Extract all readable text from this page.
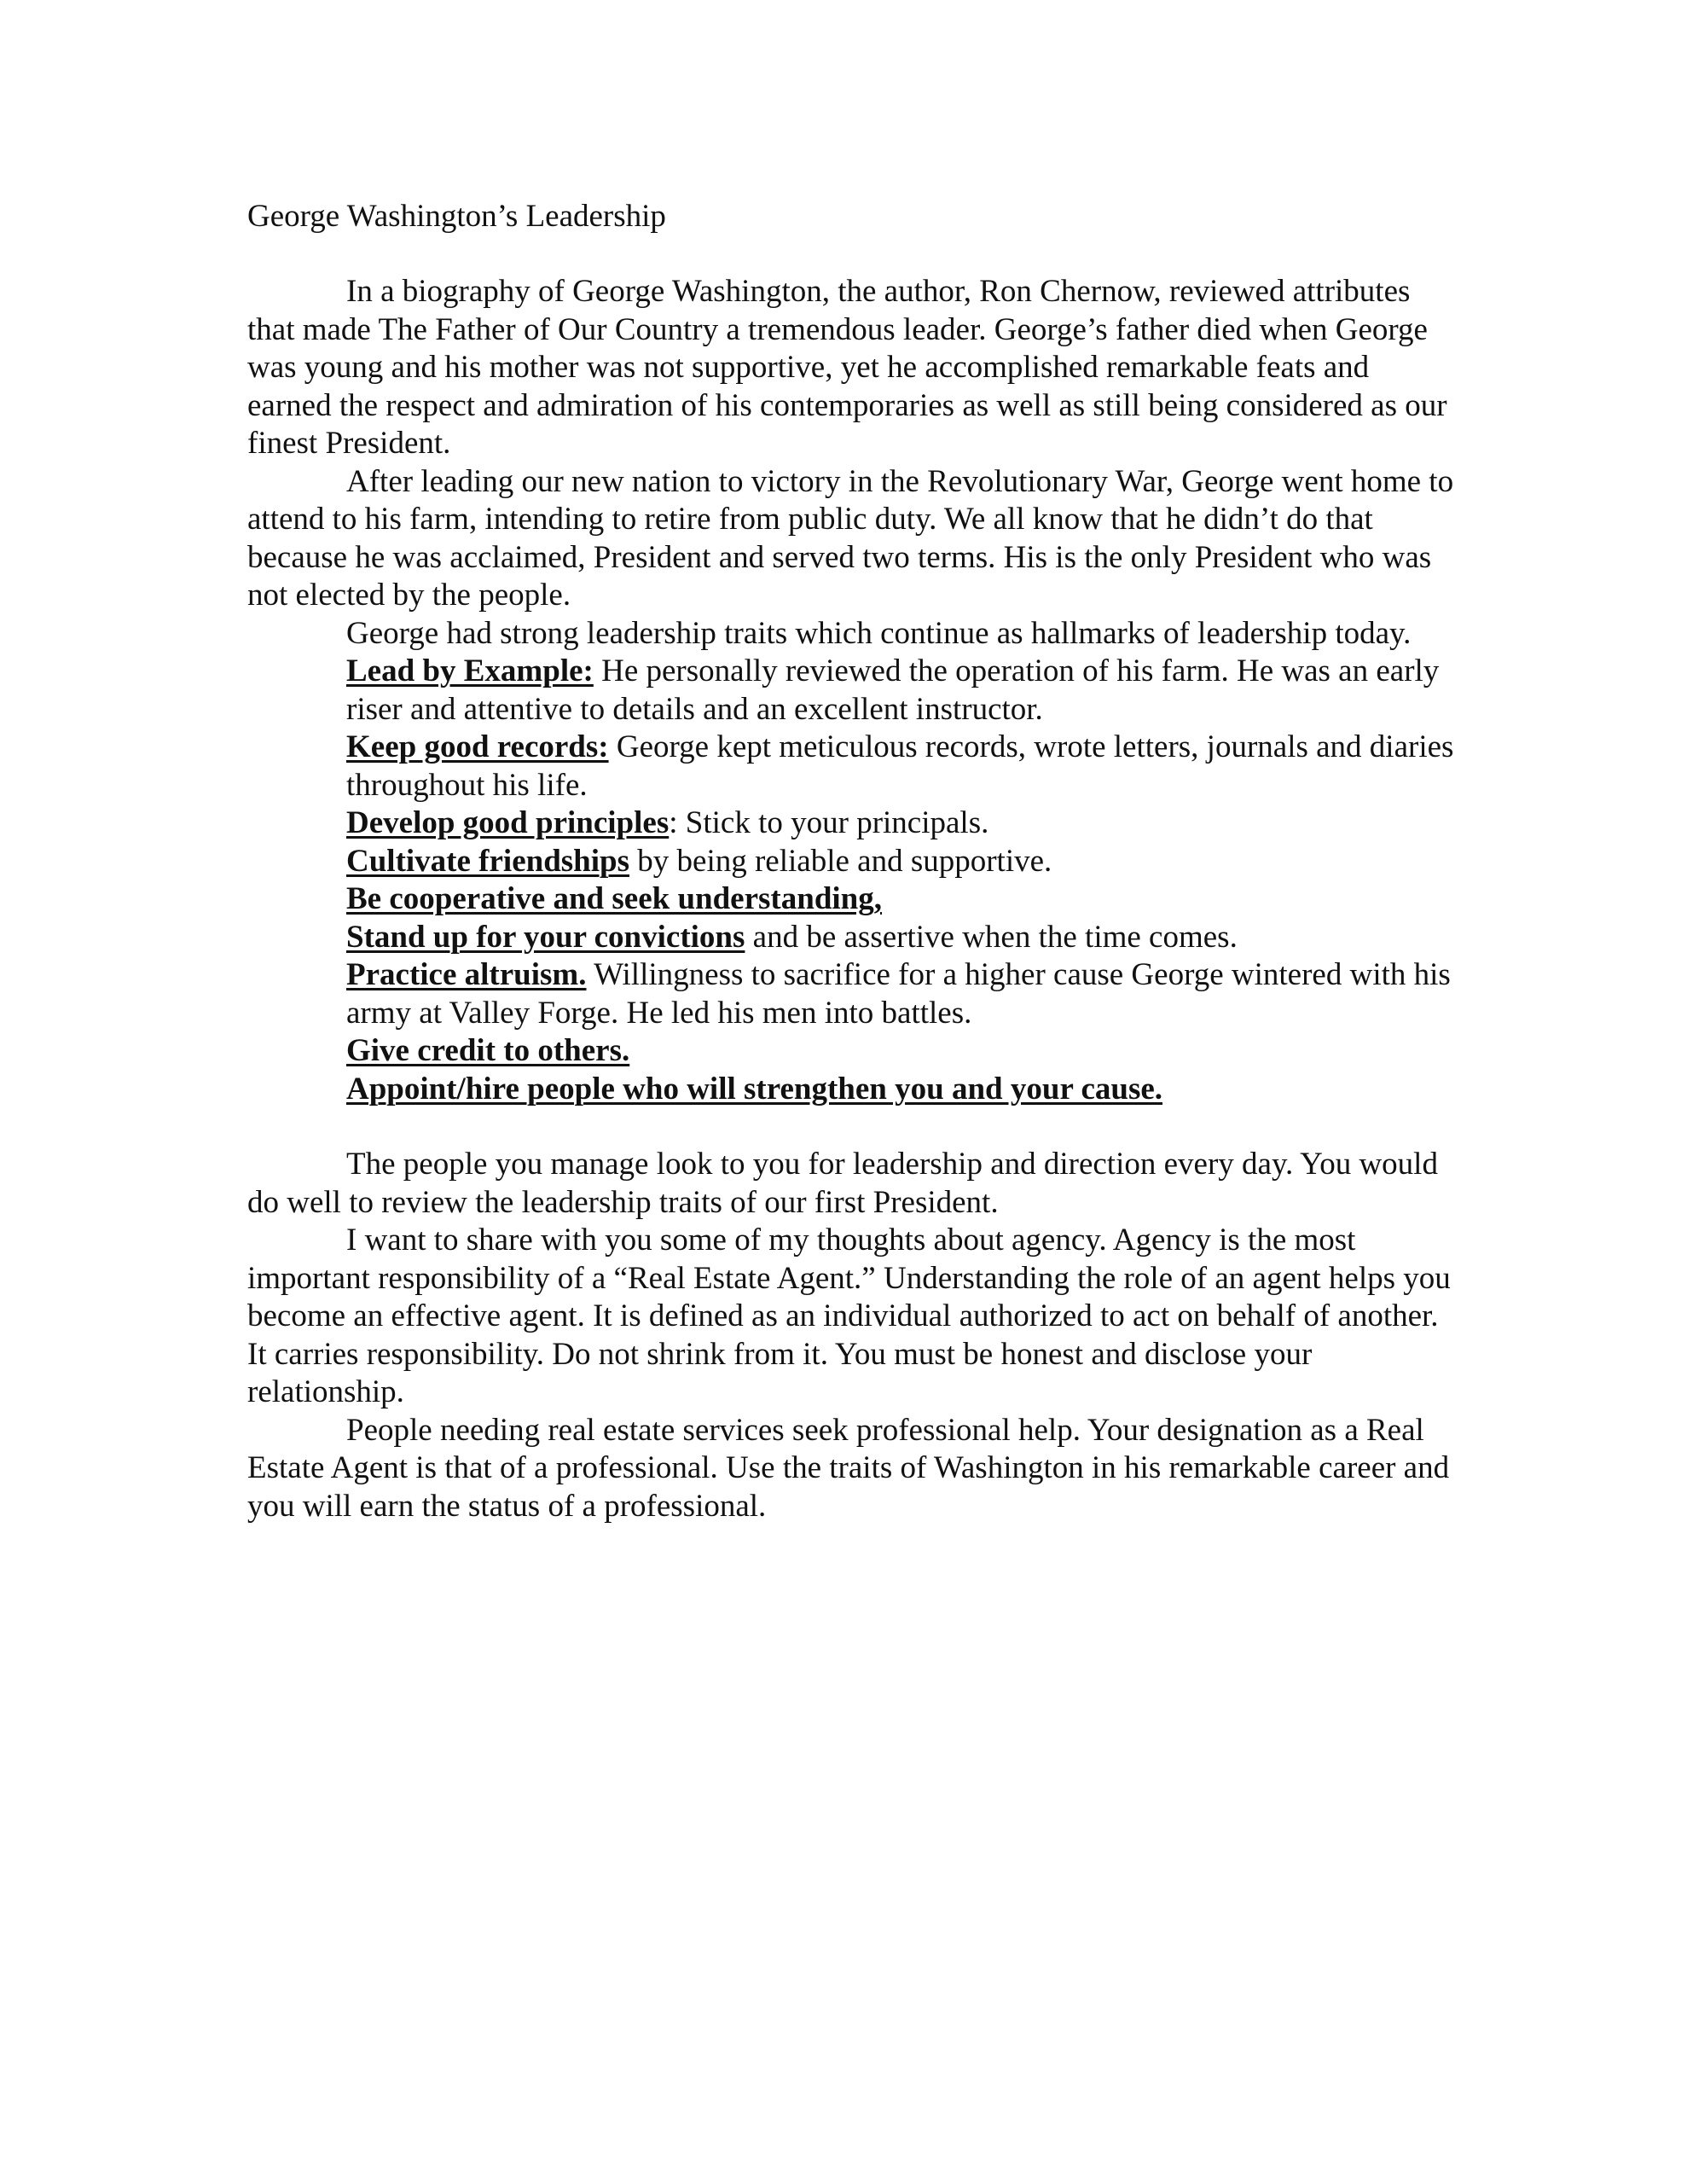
George Washington’s Leadership

In a biography of George Washington, the author, Ron Chernow, reviewed attributes that made The Father of Our Country a tremendous leader. George’s father died when George was young and his mother was not supportive, yet he accomplished remarkable feats and earned the respect and admiration of his contemporaries as well as still being considered as our finest President.

After leading our new nation to victory in the Revolutionary War, George went home to attend to his farm, intending to retire from public duty. We all know that he didn’t do that because he was acclaimed, President and served two terms. His is the only President who was not elected by the people.

George had strong leadership traits which continue as hallmarks of leadership today.

Lead by Example: He personally reviewed the operation of his farm. He was an early riser and attentive to details and an excellent instructor.
Keep good records: George kept meticulous records, wrote letters, journals and diaries throughout his life.
Develop good principles: Stick to your principals.
Cultivate friendships by being reliable and supportive.
Be cooperative and seek understanding,
Stand up for your convictions and be assertive when the time comes.
Practice altruism. Willingness to sacrifice for a higher cause George wintered with his army at Valley Forge. He led his men into battles.
Give credit to others.
Appoint/hire people who will strengthen you and your cause.

The people you manage look to you for leadership and direction every day. You would do well to review the leadership traits of our first President.

I want to share with you some of my thoughts about agency. Agency is the most important responsibility of a “Real Estate Agent.” Understanding the role of an agent helps you become an effective agent. It is defined as an individual authorized to act on behalf of another. It carries responsibility. Do not shrink from it. You must be honest and disclose your relationship.

People needing real estate services seek professional help. Your designation as a Real Estate Agent is that of a professional. Use the traits of Washington in his remarkable career and you will earn the status of a professional.
